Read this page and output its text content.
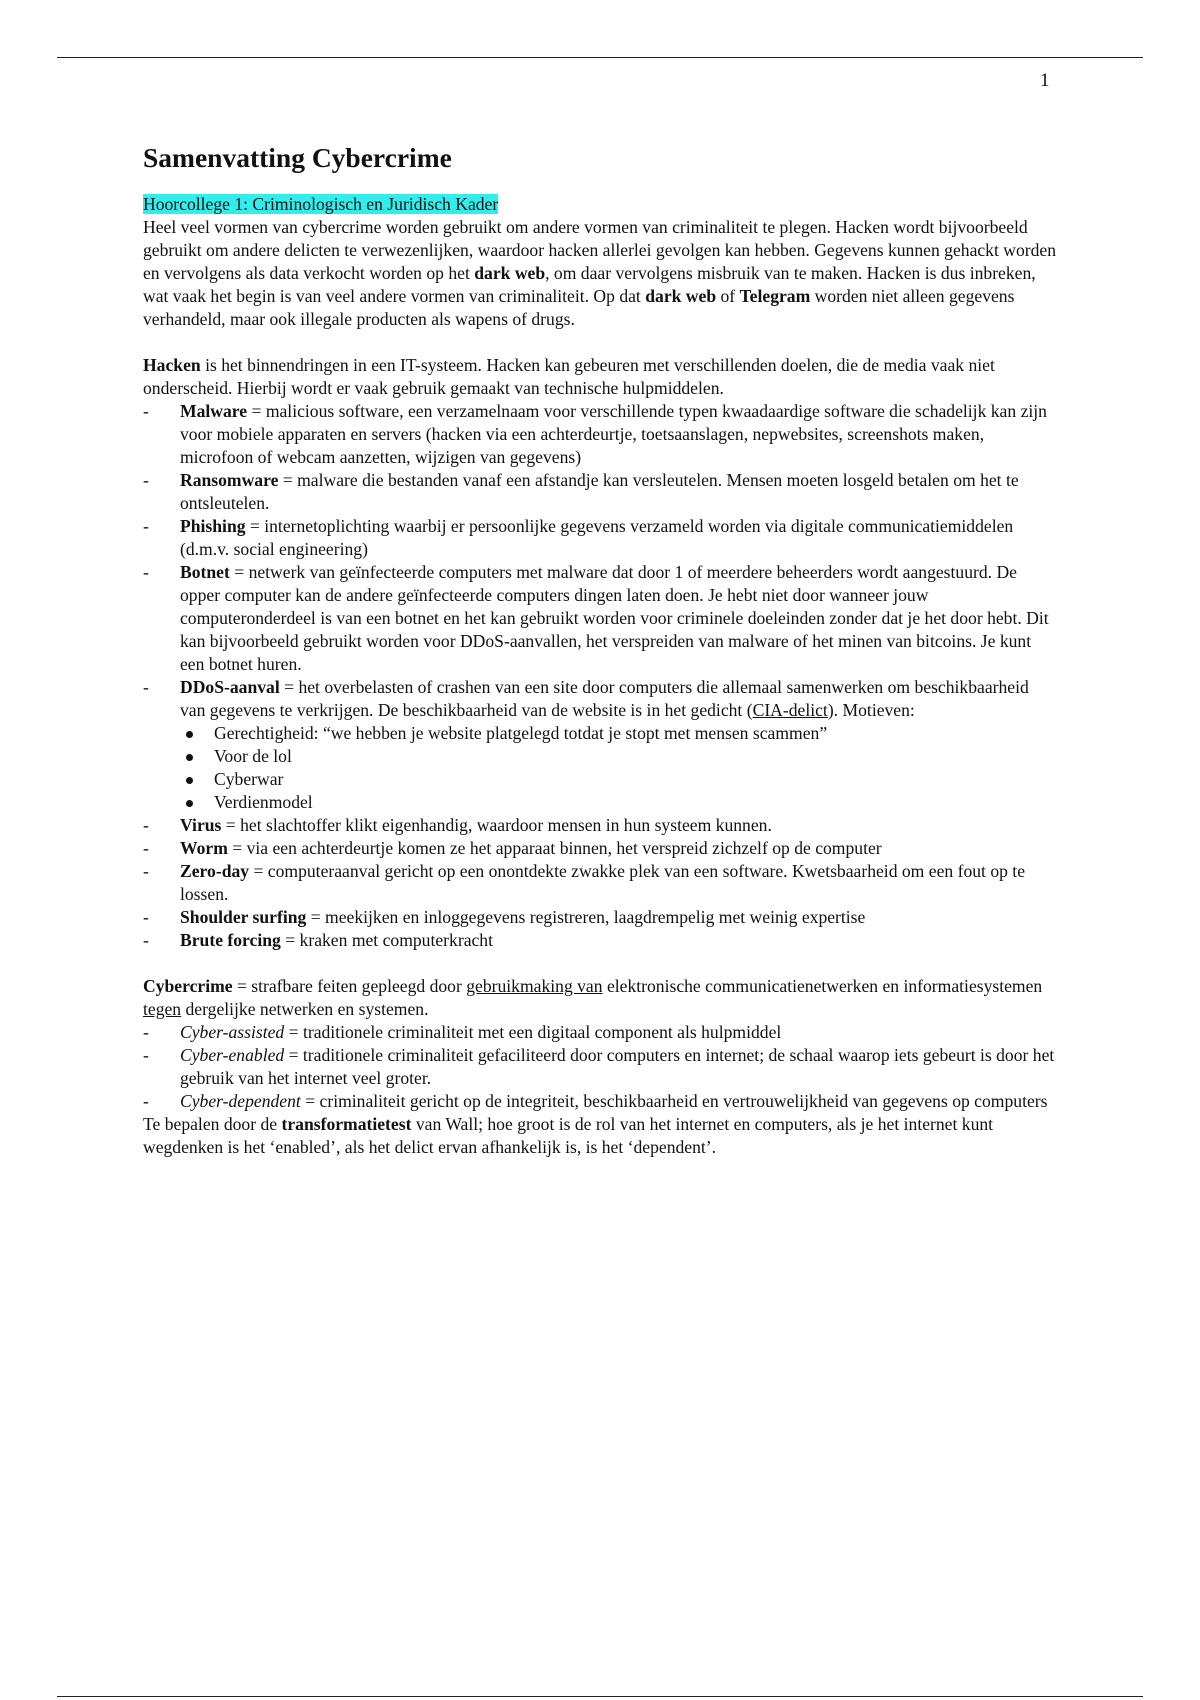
1
Samenvatting Cybercrime

Hoorcollege 1: Criminologisch en Juridisch Kader

Heel veel vormen van cybercrime worden gebruikt om andere vormen van criminaliteit te plegen. Hacken wordt bijvoorbeeld gebruikt om andere delicten te verwezenlijken, waardoor hacken allerlei gevolgen kan hebben. Gegevens kunnen gehackt worden en vervolgens als data verkocht worden op het dark web, om daar vervolgens misbruik van te maken. Hacken is dus inbreken, wat vaak het begin is van veel andere vormen van criminaliteit. Op dat dark web of Telegram worden niet alleen gegevens verhandeld, maar ook illegale producten als wapens of drugs.

Hacken is het binnendringen in een IT-systeem. Hacken kan gebeuren met verschillenden doelen, die de media vaak niet onderscheid. Hierbij wordt er vaak gebruik gemaakt van technische hulpmiddelen.

- Malware = malicious software, een verzamelnaam voor verschillende typen kwaadaardige software die schadelijk kan zijn voor mobiele apparaten en servers (hacken via een achterdeurtje, toetsaanslagen, nepwebsites, screenshots maken, microfoon of webcam aanzetten, wijzigen van gegevens)
- Ransomware = malware die bestanden vanaf een afstandje kan versleutelen. Mensen moeten losgeld betalen om het te ontsleutelen.
- Phishing = internetoplichting waarbij er persoonlijke gegevens verzameld worden via digitale communicatiemiddelen (d.m.v. social engineering)
- Botnet = netwerk van geïnfecteerde computers met malware dat door 1 of meerdere beheerders wordt aangestuurd. De opper computer kan de andere geïnfecteerde computers dingen laten doen. Je hebt niet door wanneer jouw computeronderdeel is van een botnet en het kan gebruikt worden voor criminele doeleinden zonder dat je het door hebt. Dit kan bijvoorbeeld gebruikt worden voor DDoS-aanvallen, het verspreiden van malware of het minen van bitcoins. Je kunt een botnet huren.
- DDoS-aanval = het overbelasten of crashen van een site door computers die allemaal samenwerken om beschikbaarheid van gegevens te verkrijgen. De beschikbaarheid van de website is in het gedicht (CIA-delict). Motieven:
Gerechtigheid: “we hebben je website platgelegd totdat je stopt met mensen scammen”
Voor de lol
Cyberwar
Verdienmodel
- Virus = het slachtoffer klikt eigenhandig, waardoor mensen in hun systeem kunnen.
- Worm = via een achterdeurtje komen ze het apparaat binnen, het verspreid zichzelf op de computer
- Zero-day = computeraanval gericht op een onontdekte zwakke plek van een software. Kwetsbaarheid om een fout op te lossen.
- Shoulder surfing = meekijken en inloggegevens registreren, laagdrempelig met weinig expertise
- Brute forcing = kraken met computerkracht

Cybercrime = strafbare feiten gepleegd door gebruikmaking van elektronische communicatienetwerken en informatiesystemen tegen dergelijke netwerken en systemen.

- Cyber-assisted = traditionele criminaliteit met een digitaal component als hulpmiddel
- Cyber-enabled = traditionele criminaliteit gefaciliteerd door computers en internet; de schaal waarop iets gebeurt is door het gebruik van het internet veel groter.
- Cyber-dependent = criminaliteit gericht op de integriteit, beschikbaarheid en vertrouwelijkheid van gegevens op computers

Te bepalen door de transformatietest van Wall; hoe groot is de rol van het internet en computers, als je het internet kunt wegdenken is het ‘enabled’, als het delict ervan afhankelijk is, is het ‘dependent’.
